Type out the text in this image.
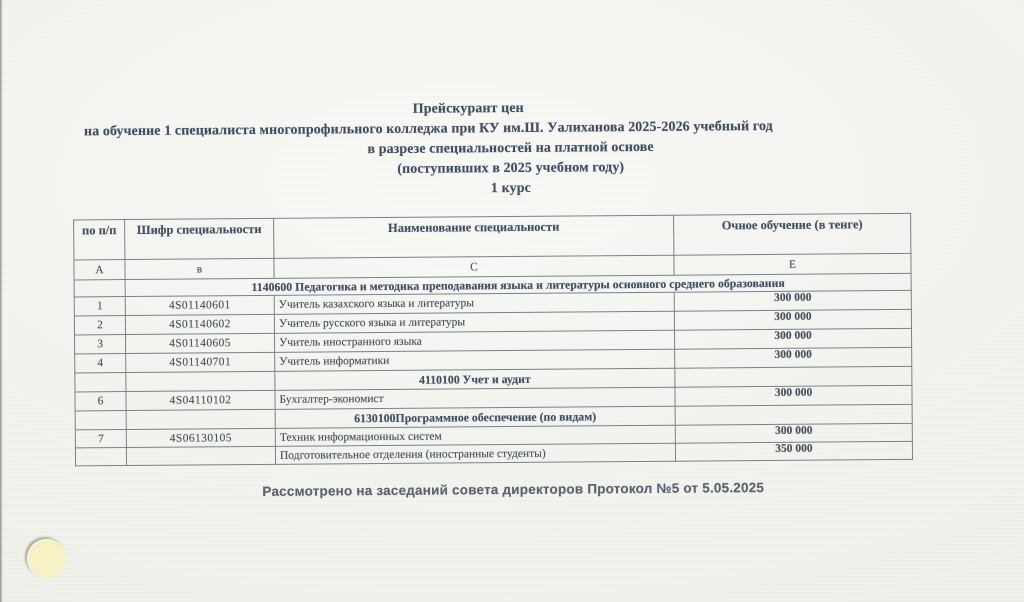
Прейскурант цен
на обучение 1 специалиста многопрофильного колледжа при КУ им.Ш. Уалиханова 2025-2026 учебный год
в разрезе специальностей на платной основе
(поступивших в 2025 учебном году)
1 курс
по п/п	Шифр специальности	Наименование специальности	Очное обучение (в тенге)
А	в	С	Е
	1140600 Педагогика и методика преподавания языка и литературы основного среднего образования		
1	4S01140601	Учитель казахского языка и литературы	300 000
2	4S01140602	Учитель русского языка и литературы	300 000
3	4S01140605	Учитель иностранного языка	300 000
4	4S01140701	Учитель информатики	300 000
		4110100 Учет и аудит	
6	4S04110102	Бухгалтер-экономист	300 000
		6130100Программное обеспечение (по видам)	
7	4S06130105	Техник информационных систем	300 000
		Подготовительное отделения (иностранные студенты)	350 000
Рассмотрено на заседаний совета директоров Протокол №5 от 5.05.2025
